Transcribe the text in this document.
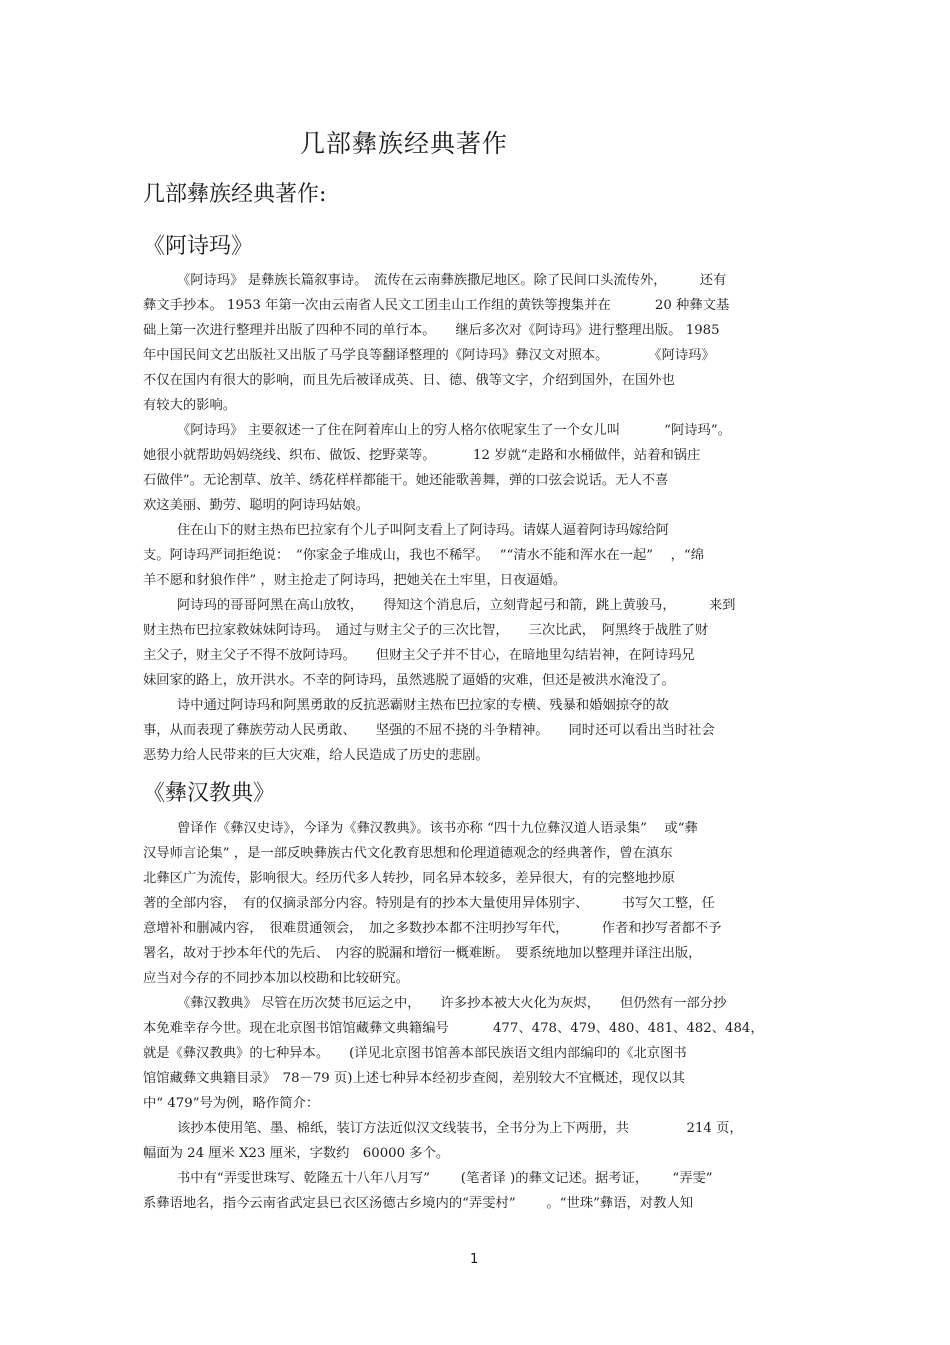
几部彝族经典著作
几部彝族经典著作:
《阿诗玛》
《阿诗玛》 是彝族长篇叙事诗。　流传在云南彝族撒尼地区。除了民间口头流传外，　　　还有
彝文手抄本。 1953 年第一次由云南省人民文工团圭山工作组的黄铁等搜集并在　　　 20 种彝文基
础上第一次进行整理并出版了四种不同的单行本。　　继后多次对《阿诗玛》进行整理出版。 1985
年中国民间文艺出版社又出版了马学良等翻译整理的《阿诗玛》彝汉文对照本。　　　　《阿诗玛》
不仅在国内有很大的影响，而且先后被译成英、日、德、俄等文字，介绍到国外，在国外也
有较大的影响。
《阿诗玛》 主要叙述一了住在阿着库山上的穷人格尔依呢家生了一个女儿叫　　　 “阿诗玛”。
她很小就帮助妈妈绕线、织布、做饭、挖野菜等。　　　 12 岁就“走路和水桶做伴，站着和锅庄
石做伴”。无论割草、放羊、绣花样样都能干。她还能歌善舞，弹的口弦会说话。无人不喜
欢这美丽、勤劳、聪明的阿诗玛姑娘。
住在山下的财主热布巴拉家有个儿子叫阿支看上了阿诗玛。请媒人逼着阿诗玛嫁给阿
支。阿诗玛严词拒绝说：　“你家金子堆成山，我也不稀罕。　 ”“清水不能和浑水在一起”　 ，“绵
羊不愿和豺狼作伴” ，财主抢走了阿诗玛，把她关在土牢里，日夜逼婚。
阿诗玛的哥哥阿黑在高山放牧，　　得知这个消息后，立刻背起弓和箭，跳上黄骏马，　　　来到
财主热布巴拉家救妹妹阿诗玛。　通过与财主父子的三次比智，　　三次比武，　阿黑终于战胜了财
主父子，财主父子不得不放阿诗玛。　　但财主父子并不甘心，在暗地里勾结岩神，在阿诗玛兄
妹回家的路上，放开洪水。不幸的阿诗玛，虽然逃脱了逼婚的灾难，但还是被洪水淹没了。
诗中通过阿诗玛和阿黑勇敢的反抗恶霸财主热布巴拉家的专横、残暴和婚姻掠夺的故
事，从而表现了彝族劳动人民勇敢、　　坚强的不屈不挠的斗争精神。　　同时还可以看出当时社会
恶势力给人民带来的巨大灾难，给人民造成了历史的悲剧。
《彝汉教典》
曾译作《彝汉史诗》，今译为《彝汉教典》。该书亦称 “四十九位彝汉道人语录集”　 或“彝
汉导师言论集” ，是一部反映彝族古代文化教育思想和伦理道德观念的经典著作，曾在滇东
北彝区广为流传，影响很大。经历代多人转抄，同名异本较多，差异很大，有的完整地抄原
著的全部内容，　有的仅摘录部分内容。特别是有的抄本大量使用异体别字、　　　书写欠工整，任
意增补和删减内容，　很难贯通领会，　加之多数抄本都不注明抄写年代，　　　作者和抄写者都不予
署名，故对于抄本年代的先后、　内容的脱漏和增衍一概难断。　要系统地加以整理并译注出版，
应当对今存的不同抄本加以校勘和比较研究。
《彝汉教典》 尽管在历次焚书厄运之中，　　许多抄本被大火化为灰烬，　　但仍然有一部分抄
本免难幸存今世。现在北京图书馆馆藏彝文典籍编号　　　 477、478、479、480、481、482、484，
就是《彝汉教典》的七种异本。　　(详见北京图书馆善本部民族语文组内部编印的《北京图书
馆馆藏彝文典籍目录》　78－79 页)上述七种异本经初步查阅，差别较大不宜概述，现仅以其
中“ 479”号为例，略作简介：
该抄本使用笔、墨、棉纸，装订方法近似汉文线装书，全书分为上下两册，共　　　　 214 页，
幅面为 24 厘米 X23 厘米，字数约　60000 多个。
书中有“弄雯世珠写、乾隆五十八年八月写”　　 (笔者译 )的彝文记述。据考证，　　 “弄雯”
系彝语地名，指今云南省武定县已衣区汤德古乡境内的“弄雯村”　　 。“世珠”彝语，对教人知
1
